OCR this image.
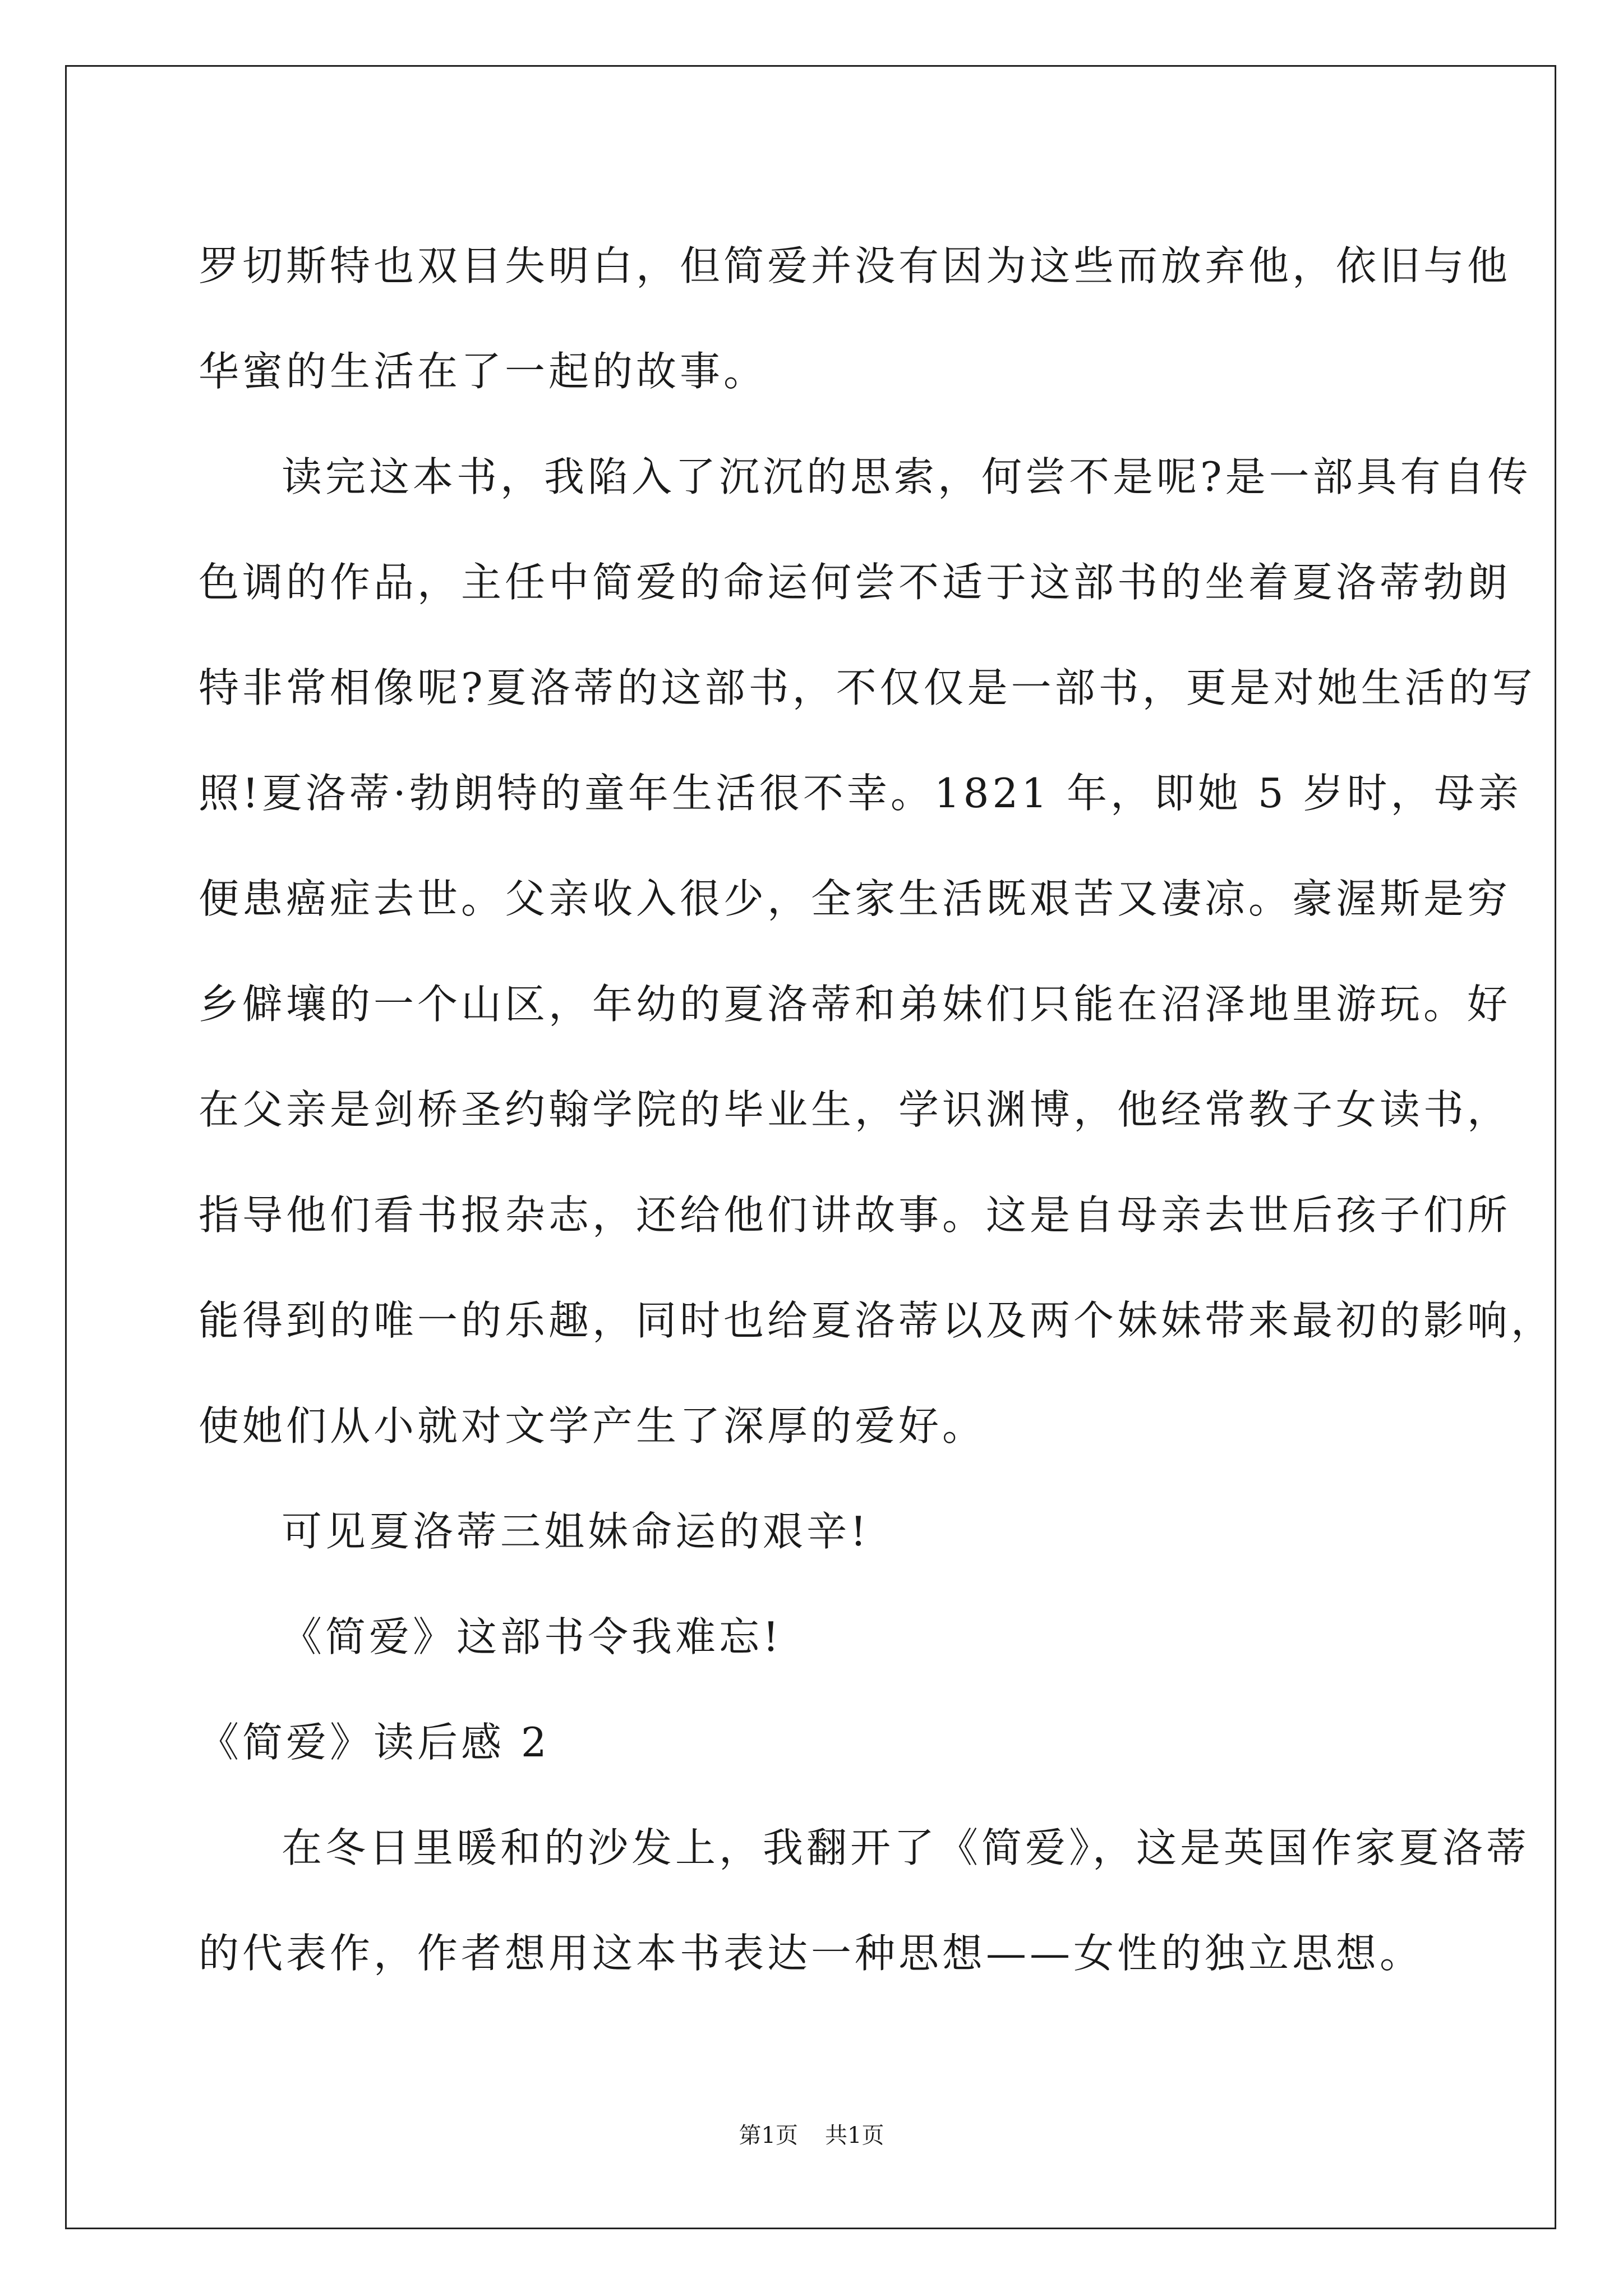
罗切斯特也双目失明白，但简爱并没有因为这些而放弃他，依旧与他
华蜜的生活在了一起的故事。
读完这本书，我陷入了沉沉的思索，何尝不是呢?是一部具有自传
色调的作品，主任中简爱的命运何尝不适于这部书的坐着夏洛蒂勃朗
特非常相像呢?夏洛蒂的这部书，不仅仅是一部书，更是对她生活的写
照!夏洛蒂·勃朗特的童年生活很不幸。1821 年，即她 5 岁时，母亲
便患癌症去世。父亲收入很少，全家生活既艰苦又凄凉。豪渥斯是穷
乡僻壤的一个山区，年幼的夏洛蒂和弟妹们只能在沼泽地里游玩。好
在父亲是剑桥圣约翰学院的毕业生，学识渊博，他经常教子女读书，
指导他们看书报杂志，还给他们讲故事。这是自母亲去世后孩子们所
能得到的唯一的乐趣，同时也给夏洛蒂以及两个妹妹带来最初的影响，
使她们从小就对文学产生了深厚的爱好。
可见夏洛蒂三姐妹命运的艰辛!
《简爱》这部书令我难忘!
《简爱》读后感 2
在冬日里暖和的沙发上，我翻开了《简爱》，这是英国作家夏洛蒂
的代表作，作者想用这本书表达一种思想——女性的独立思想。
第1页 共1页
